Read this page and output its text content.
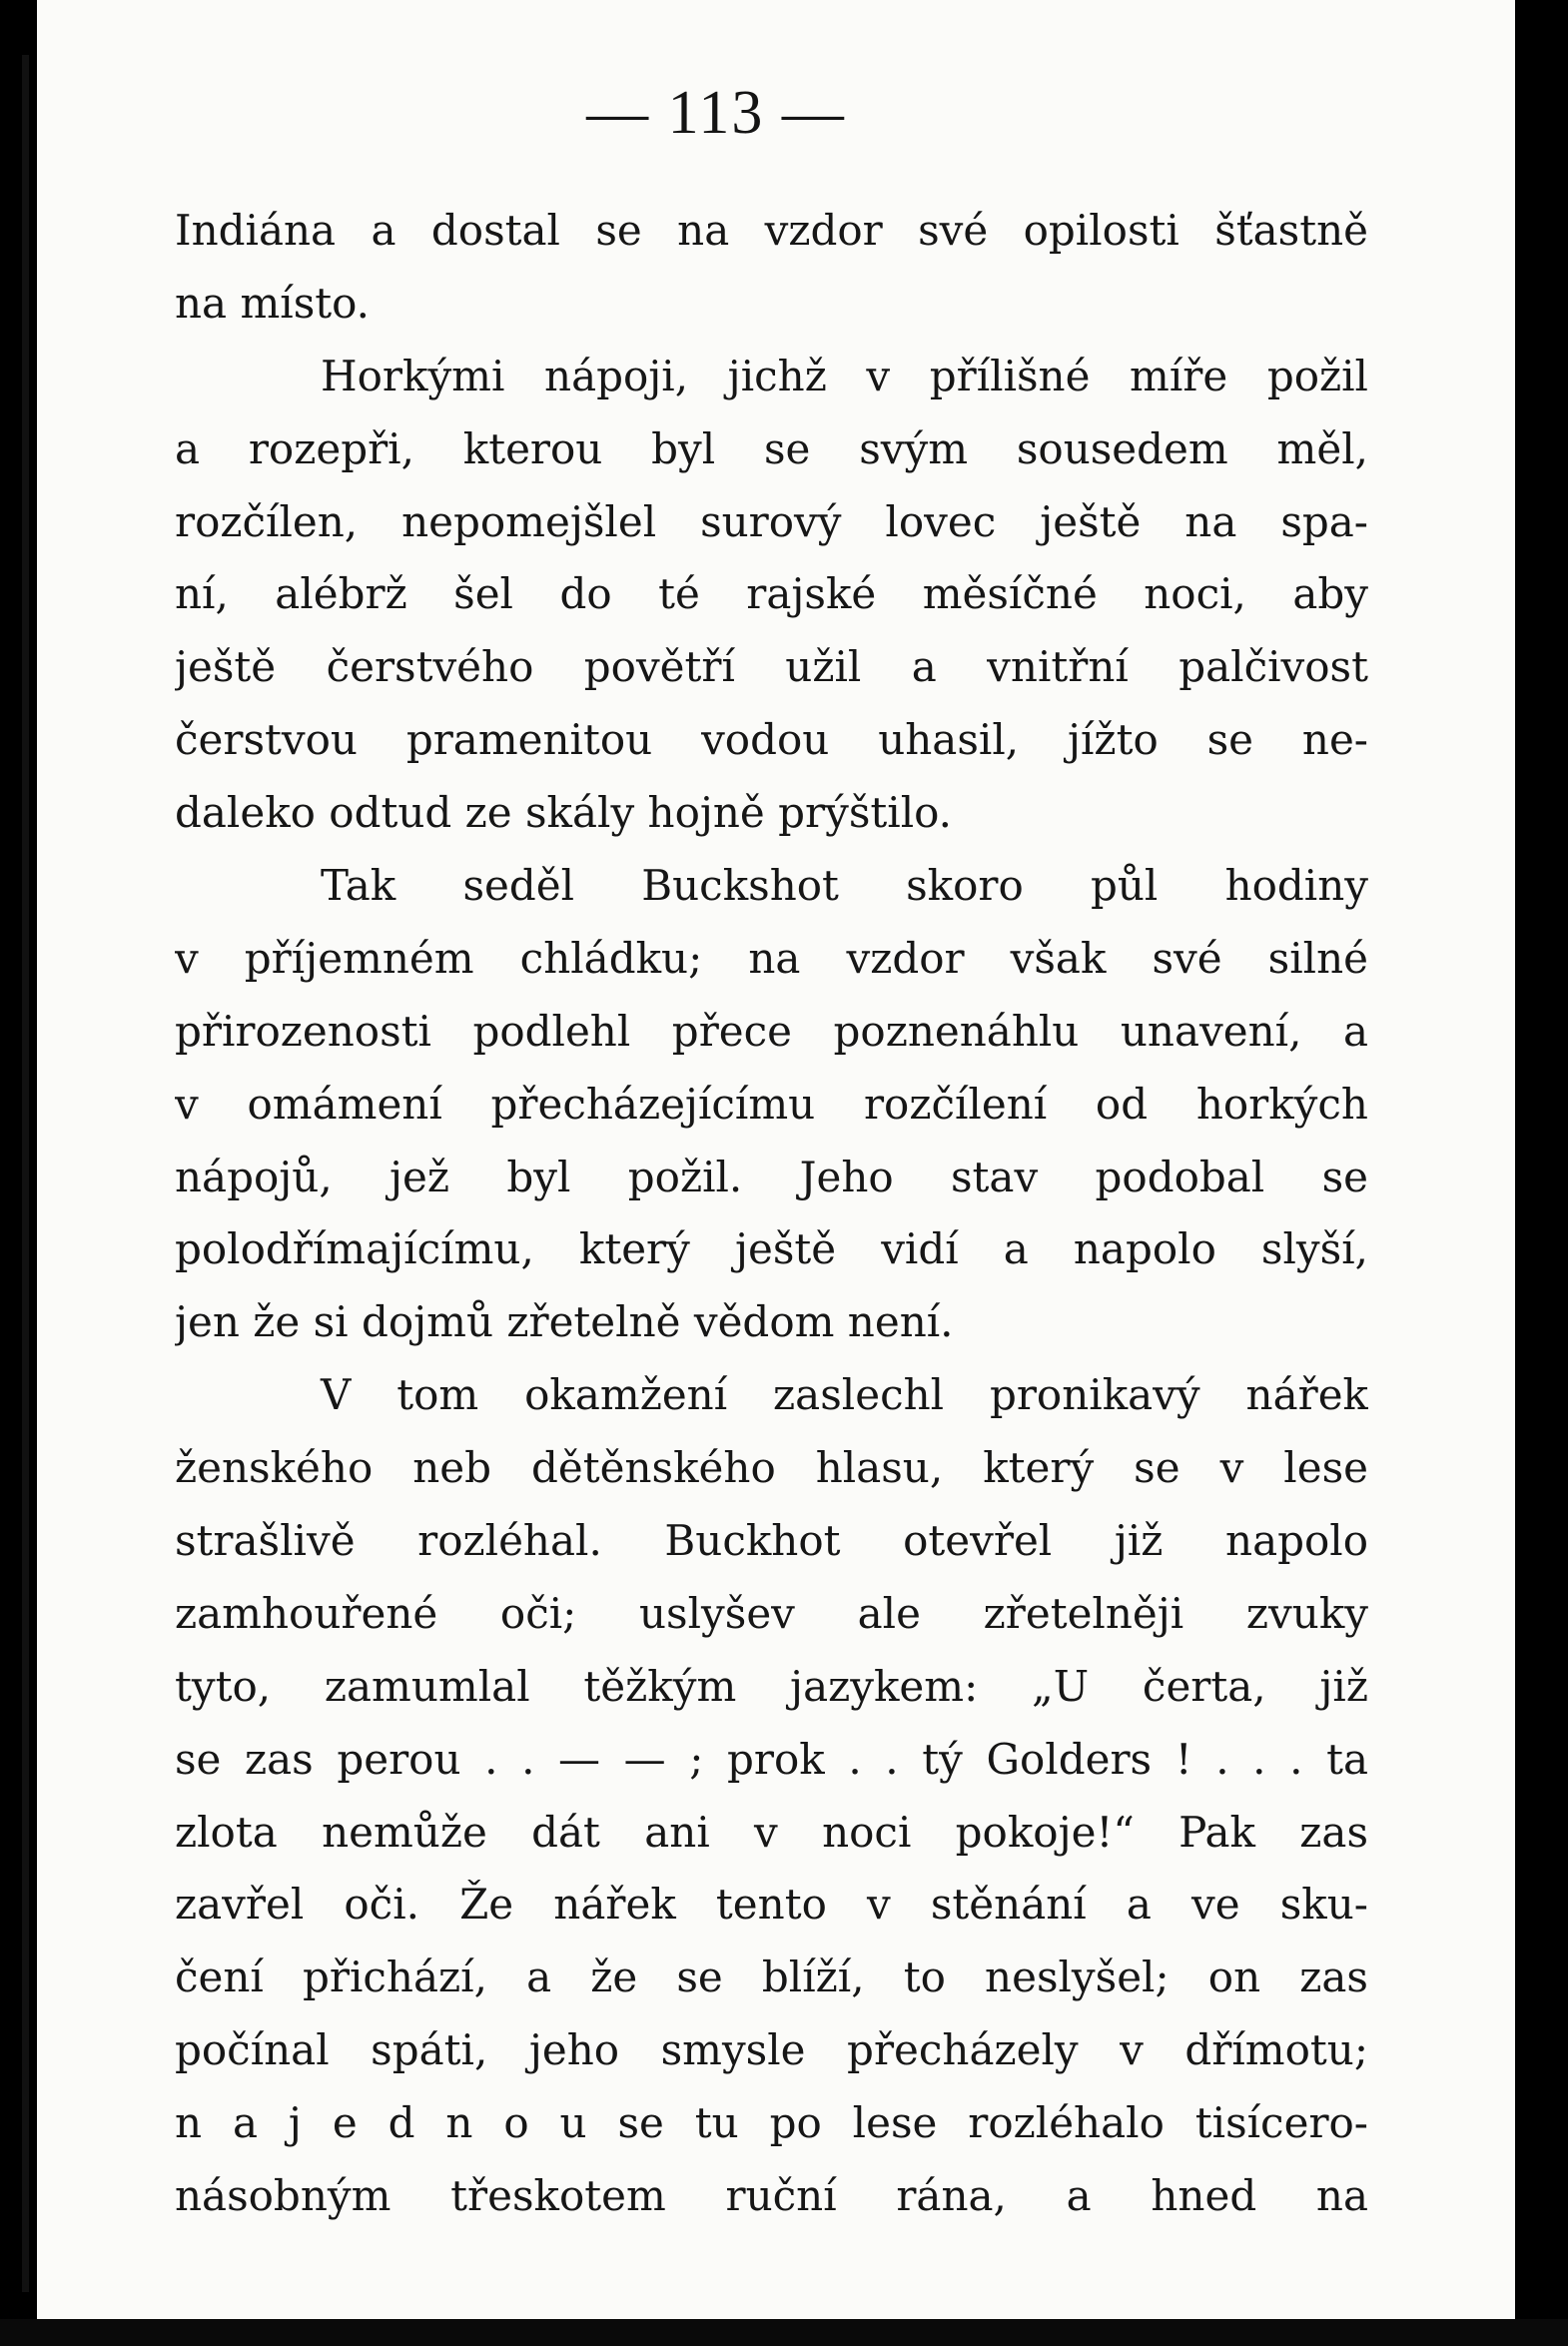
— 113 —
Indiána a dostal se na vzdor své opilosti šťastně
na místo.
Horkými nápoji, jichž v přílišné míře požil
a rozepři, kterou byl se svým sousedem měl,
rozčílen, nepomejšlel surový lovec ještě na spa-
ní, alébrž šel do té rajské měsíčné noci, aby
ještě čerstvého povětří užil a vnitřní palčivost
čerstvou pramenitou vodou uhasil, jížto se ne-
daleko odtud ze skály hojně prýštilo.
Tak seděl Buckshot skoro půl hodiny
v příjemném chládku; na vzdor však své silné
přirozenosti podlehl přece poznenáhlu unavení, a
v omámení přecházejícímu rozčílení od horkých
nápojů, jež byl požil. Jeho stav podobal se
polodřímajícímu, který ještě vidí a napolo slyší,
jen že si dojmů zřetelně vědom není.
V tom okamžení zaslechl pronikavý nářek
ženského neb dětěnského hlasu, který se v lese
strašlivě rozléhal. Buckhot otevřel již napolo
zamhouřené oči; uslyšev ale zřetelněji zvuky
tyto, zamumlal těžkým jazykem: „U čerta, již
se zas perou . . — — ; prok . . tý Golders ! . . . ta
zlota nemůže dát ani v noci pokoje!“ Pak zas
zavřel oči. Že nářek tento v stěnání a ve sku-
čení přichází, a že se blíží, to neslyšel; on zas
počínal spáti, jeho smysle přecházely v dřímotu;
n a j e d n o u se tu po lese rozléhalo tisícero-
násobným třeskotem ruční rána, a hned na
